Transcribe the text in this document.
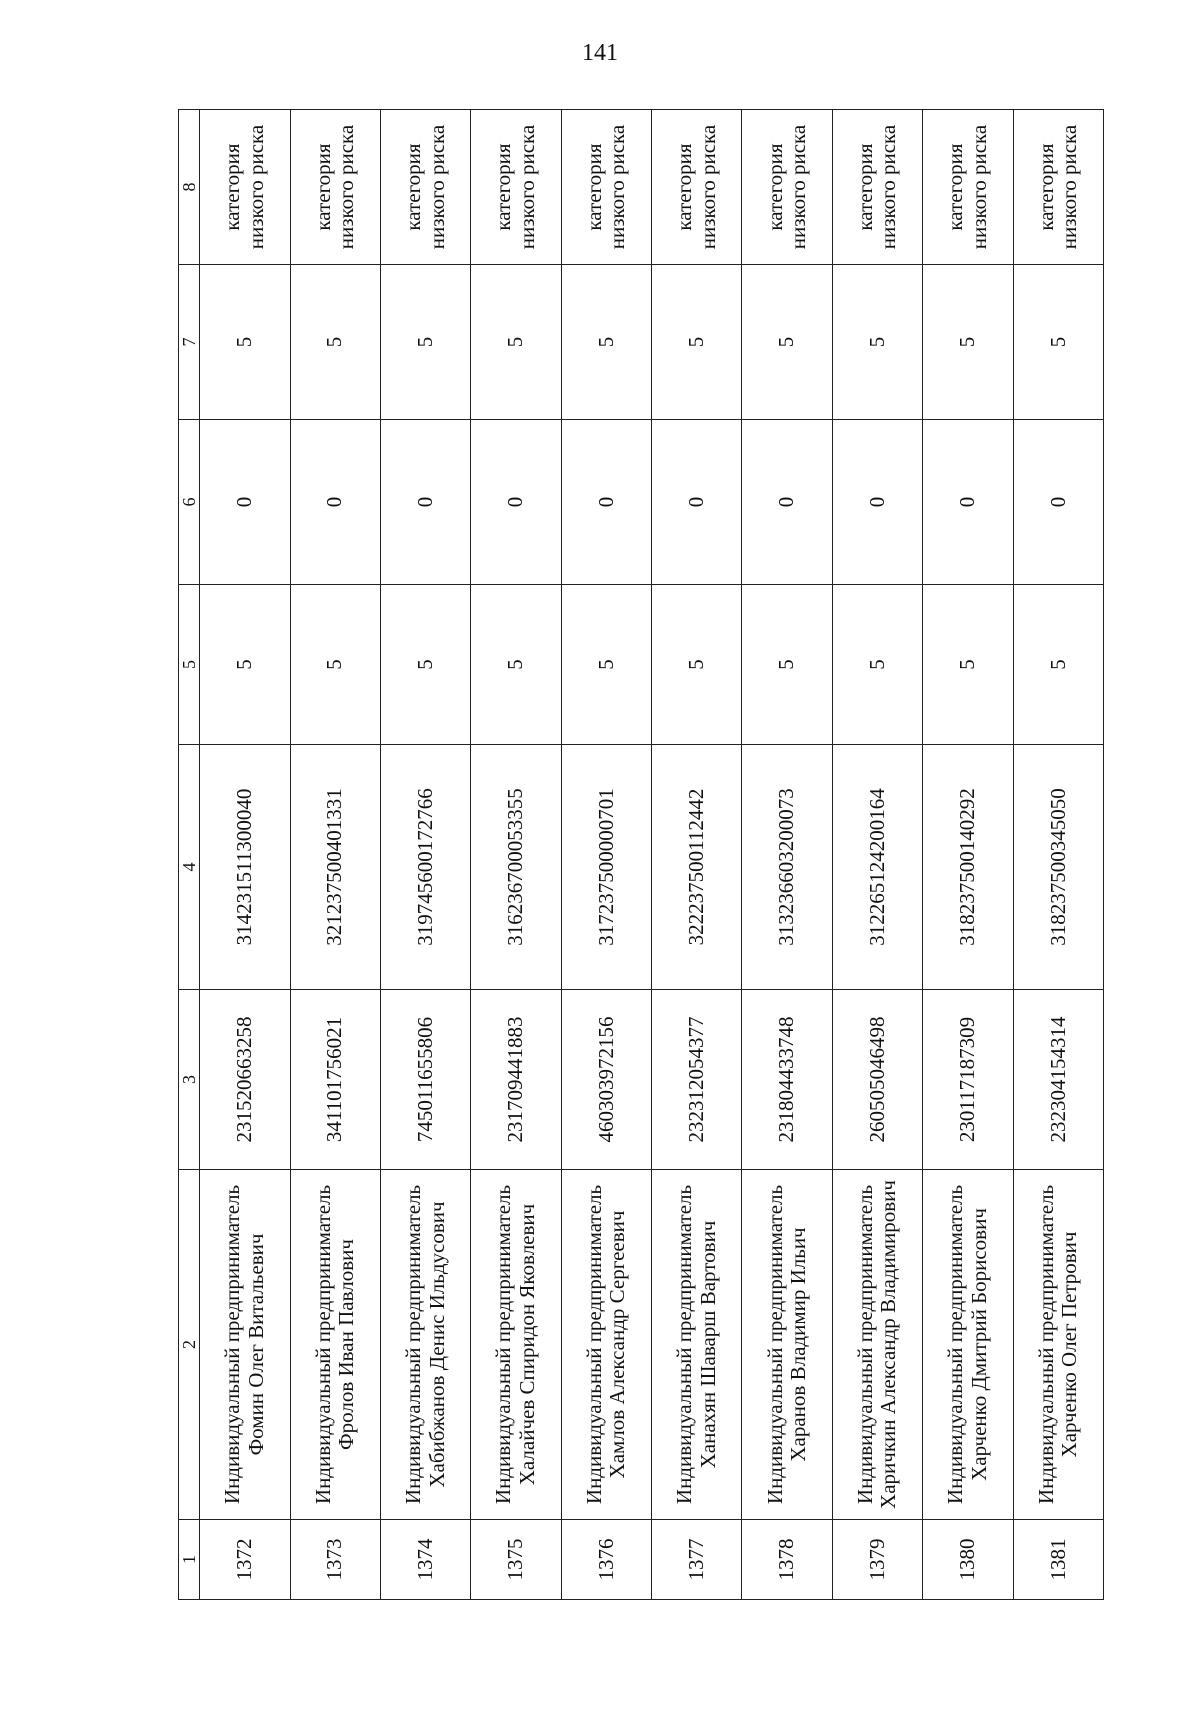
141
1	2	3	4	5	6	7	8
1372	Индивидуальный предприниматель Фомин Олег Витальевич	231520663258	314231511300040	5	0	5	категория низкого риска
1373	Индивидуальный предприниматель Фролов Иван Павлович	341101756021	321237500401331	5	0	5	категория низкого риска
1374	Индивидуальный предприниматель Хабибжанов Денис Ильдусович	745011655806	319745600172766	5	0	5	категория низкого риска
1375	Индивидуальный предприниматель Халайчев Спиридон Яковлевич	231709441883	316236700053355	5	0	5	категория низкого риска
1376	Индивидуальный предприниматель Хамлов Александр Сергеевич	460303972156	317237500000701	5	0	5	категория низкого риска
1377	Индивидуальный предприниматель Ханахян Шаварш Вартович	232312054377	322237500112442	5	0	5	категория низкого риска
1378	Индивидуальный предприниматель Харанов Владимир Ильич	231804433748	313236603200073	5	0	5	категория низкого риска
1379	Индивидуальный предприниматель Харичкин Александр Владимирович	260505046498	312265124200164	5	0	5	категория низкого риска
1380	Индивидуальный предприниматель Харченко Дмитрий Борисович	230117187309	318237500140292	5	0	5	категория низкого риска
1381	Индивидуальный предприниматель Харченко Олег Петрович	232304154314	318237500345050	5	0	5	категория низкого риска
